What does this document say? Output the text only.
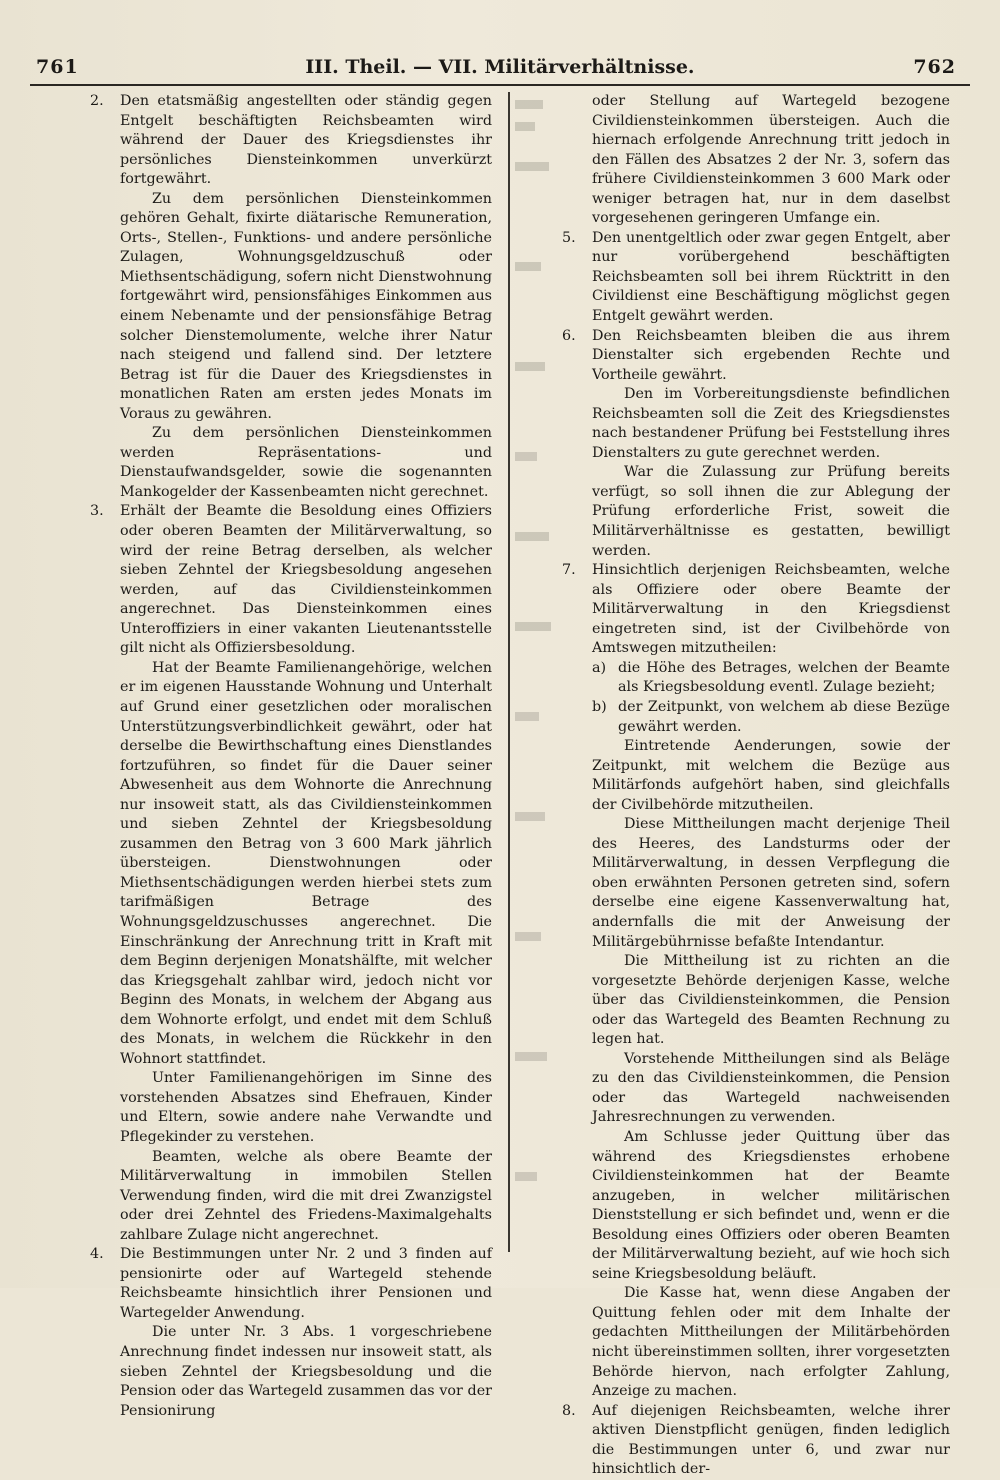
761	III. Theil. — VII. Militärverhältnisse.	762
2. Den etatsmäßig angestellten oder ständig gegen Entgelt beschäftigten Reichsbeamten wird während der Dauer des Kriegsdienstes ihr persönliches Diensteinkommen unverkürzt fortgewährt.

Zu dem persönlichen Diensteinkommen gehören Gehalt, fixirte diätarische Remuneration, Orts-, Stellen-, Funktions- und andere persönliche Zulagen, Wohnungsgeldzuschuß oder Miethsentschädigung, sofern nicht Dienstwohnung fortgewährt wird, pensionsfähiges Einkommen aus einem Nebenamte und der pensionsfähige Betrag solcher Dienstemolumente, welche ihrer Natur nach steigend und fallend sind. Der letztere Betrag ist für die Dauer des Kriegsdienstes in monatlichen Raten am ersten jedes Monats im Voraus zu gewähren.

Zu dem persönlichen Diensteinkommen werden Repräsentations- und Dienstaufwandsgelder, sowie die sogenannten Mankogelder der Kassenbeamten nicht gerechnet.

3. Erhält der Beamte die Besoldung eines Offiziers oder oberen Beamten der Militärverwaltung, so wird der reine Betrag derselben, als welcher sieben Zehntel der Kriegsbesoldung angesehen werden, auf das Civildiensteinkommen angerechnet. Das Diensteinkommen eines Unteroffiziers in einer vakanten Lieutenantsstelle gilt nicht als Offiziersbesoldung.

Hat der Beamte Familienangehörige, welchen er im eigenen Hausstande Wohnung und Unterhalt auf Grund einer gesetzlichen oder moralischen Unterstützungsverbindlichkeit gewährt, oder hat derselbe die Bewirthschaftung eines Dienstlandes fortzuführen, so findet für die Dauer seiner Abwesenheit aus dem Wohnorte die Anrechnung nur insoweit statt, als das Civildiensteinkommen und sieben Zehntel der Kriegsbesoldung zusammen den Betrag von 3 600 Mark jährlich übersteigen. Dienstwohnungen oder Miethsentschädigungen werden hierbei stets zum tarifmäßigen Betrage des Wohnungsgeldzuschusses angerechnet. Die Einschränkung der Anrechnung tritt in Kraft mit dem Beginn derjenigen Monatshälfte, mit welcher das Kriegsgehalt zahlbar wird, jedoch nicht vor Beginn des Monats, in welchem der Abgang aus dem Wohnorte erfolgt, und endet mit dem Schluß des Monats, in welchem die Rückkehr in den Wohnort stattfindet.

Unter Familienangehörigen im Sinne des vorstehenden Absatzes sind Ehefrauen, Kinder und Eltern, sowie andere nahe Verwandte und Pflegekinder zu verstehen.

Beamten, welche als obere Beamte der Militärverwaltung in immobilen Stellen Verwendung finden, wird die mit drei Zwanzigstel oder drei Zehntel des Friedens-Maximalgehalts zahlbare Zulage nicht angerechnet.

4. Die Bestimmungen unter Nr. 2 und 3 finden auf pensionirte oder auf Wartegeld stehende Reichsbeamte hinsichtlich ihrer Pensionen und Wartegelder Anwendung.

Die unter Nr. 3 Abs. 1 vorgeschriebene Anrechnung findet indessen nur insoweit statt, als sieben Zehntel der Kriegsbesoldung und die Pension oder das Wartegeld zusammen das vor der Pensionirung

oder Stellung auf Wartegeld bezogene Civildiensteinkommen übersteigen. Auch die hiernach erfolgende Anrechnung tritt jedoch in den Fällen des Absatzes 2 der Nr. 3, sofern das frühere Civildiensteinkommen 3 600 Mark oder weniger betragen hat, nur in dem daselbst vorgesehenen geringeren Umfange ein.

5. Den unentgeltlich oder zwar gegen Entgelt, aber nur vorübergehend beschäftigten Reichsbeamten soll bei ihrem Rücktritt in den Civildienst eine Beschäftigung möglichst gegen Entgelt gewährt werden.

6. Den Reichsbeamten bleiben die aus ihrem Dienstalter sich ergebenden Rechte und Vortheile gewährt.

Den im Vorbereitungsdienste befindlichen Reichsbeamten soll die Zeit des Kriegsdienstes nach bestandener Prüfung bei Feststellung ihres Dienstalters zu gute gerechnet werden.

War die Zulassung zur Prüfung bereits verfügt, so soll ihnen die zur Ablegung der Prüfung erforderliche Frist, soweit die Militärverhältnisse es gestatten, bewilligt werden.

7. Hinsichtlich derjenigen Reichsbeamten, welche als Offiziere oder obere Beamte der Militärverwaltung in den Kriegsdienst eingetreten sind, ist der Civilbehörde von Amtswegen mitzutheilen:

a) die Höhe des Betrages, welchen der Beamte als Kriegsbesoldung eventl. Zulage bezieht;

b) der Zeitpunkt, von welchem ab diese Bezüge gewährt werden.

Eintretende Aenderungen, sowie der Zeitpunkt, mit welchem die Bezüge aus Militärfonds aufgehört haben, sind gleichfalls der Civilbehörde mitzutheilen.

Diese Mittheilungen macht derjenige Theil des Heeres, des Landsturms oder der Militärverwaltung, in dessen Verpflegung die oben erwähnten Personen getreten sind, sofern derselbe eine eigene Kassenverwaltung hat, andernfalls die mit der Anweisung der Militärgebührnisse befaßte Intendantur.

Die Mittheilung ist zu richten an die vorgesetzte Behörde derjenigen Kasse, welche über das Civildiensteinkommen, die Pension oder das Wartegeld des Beamten Rechnung zu legen hat.

Vorstehende Mittheilungen sind als Beläge zu den das Civildiensteinkommen, die Pension oder das Wartegeld nachweisenden Jahresrechnungen zu verwenden.

Am Schlusse jeder Quittung über das während des Kriegsdienstes erhobene Civildiensteinkommen hat der Beamte anzugeben, in welcher militärischen Dienststellung er sich befindet und, wenn er die Besoldung eines Offiziers oder oberen Beamten der Militärverwaltung bezieht, auf wie hoch sich seine Kriegsbesoldung beläuft.

Die Kasse hat, wenn diese Angaben der Quittung fehlen oder mit dem Inhalte der gedachten Mittheilungen der Militärbehörden nicht übereinstimmen sollten, ihrer vorgesetzten Behörde hiervon, nach erfolgter Zahlung, Anzeige zu machen.

8. Auf diejenigen Reichsbeamten, welche ihrer aktiven Dienstpflicht genügen, finden lediglich die Bestimmungen unter 6, und zwar nur hinsichtlich der-
